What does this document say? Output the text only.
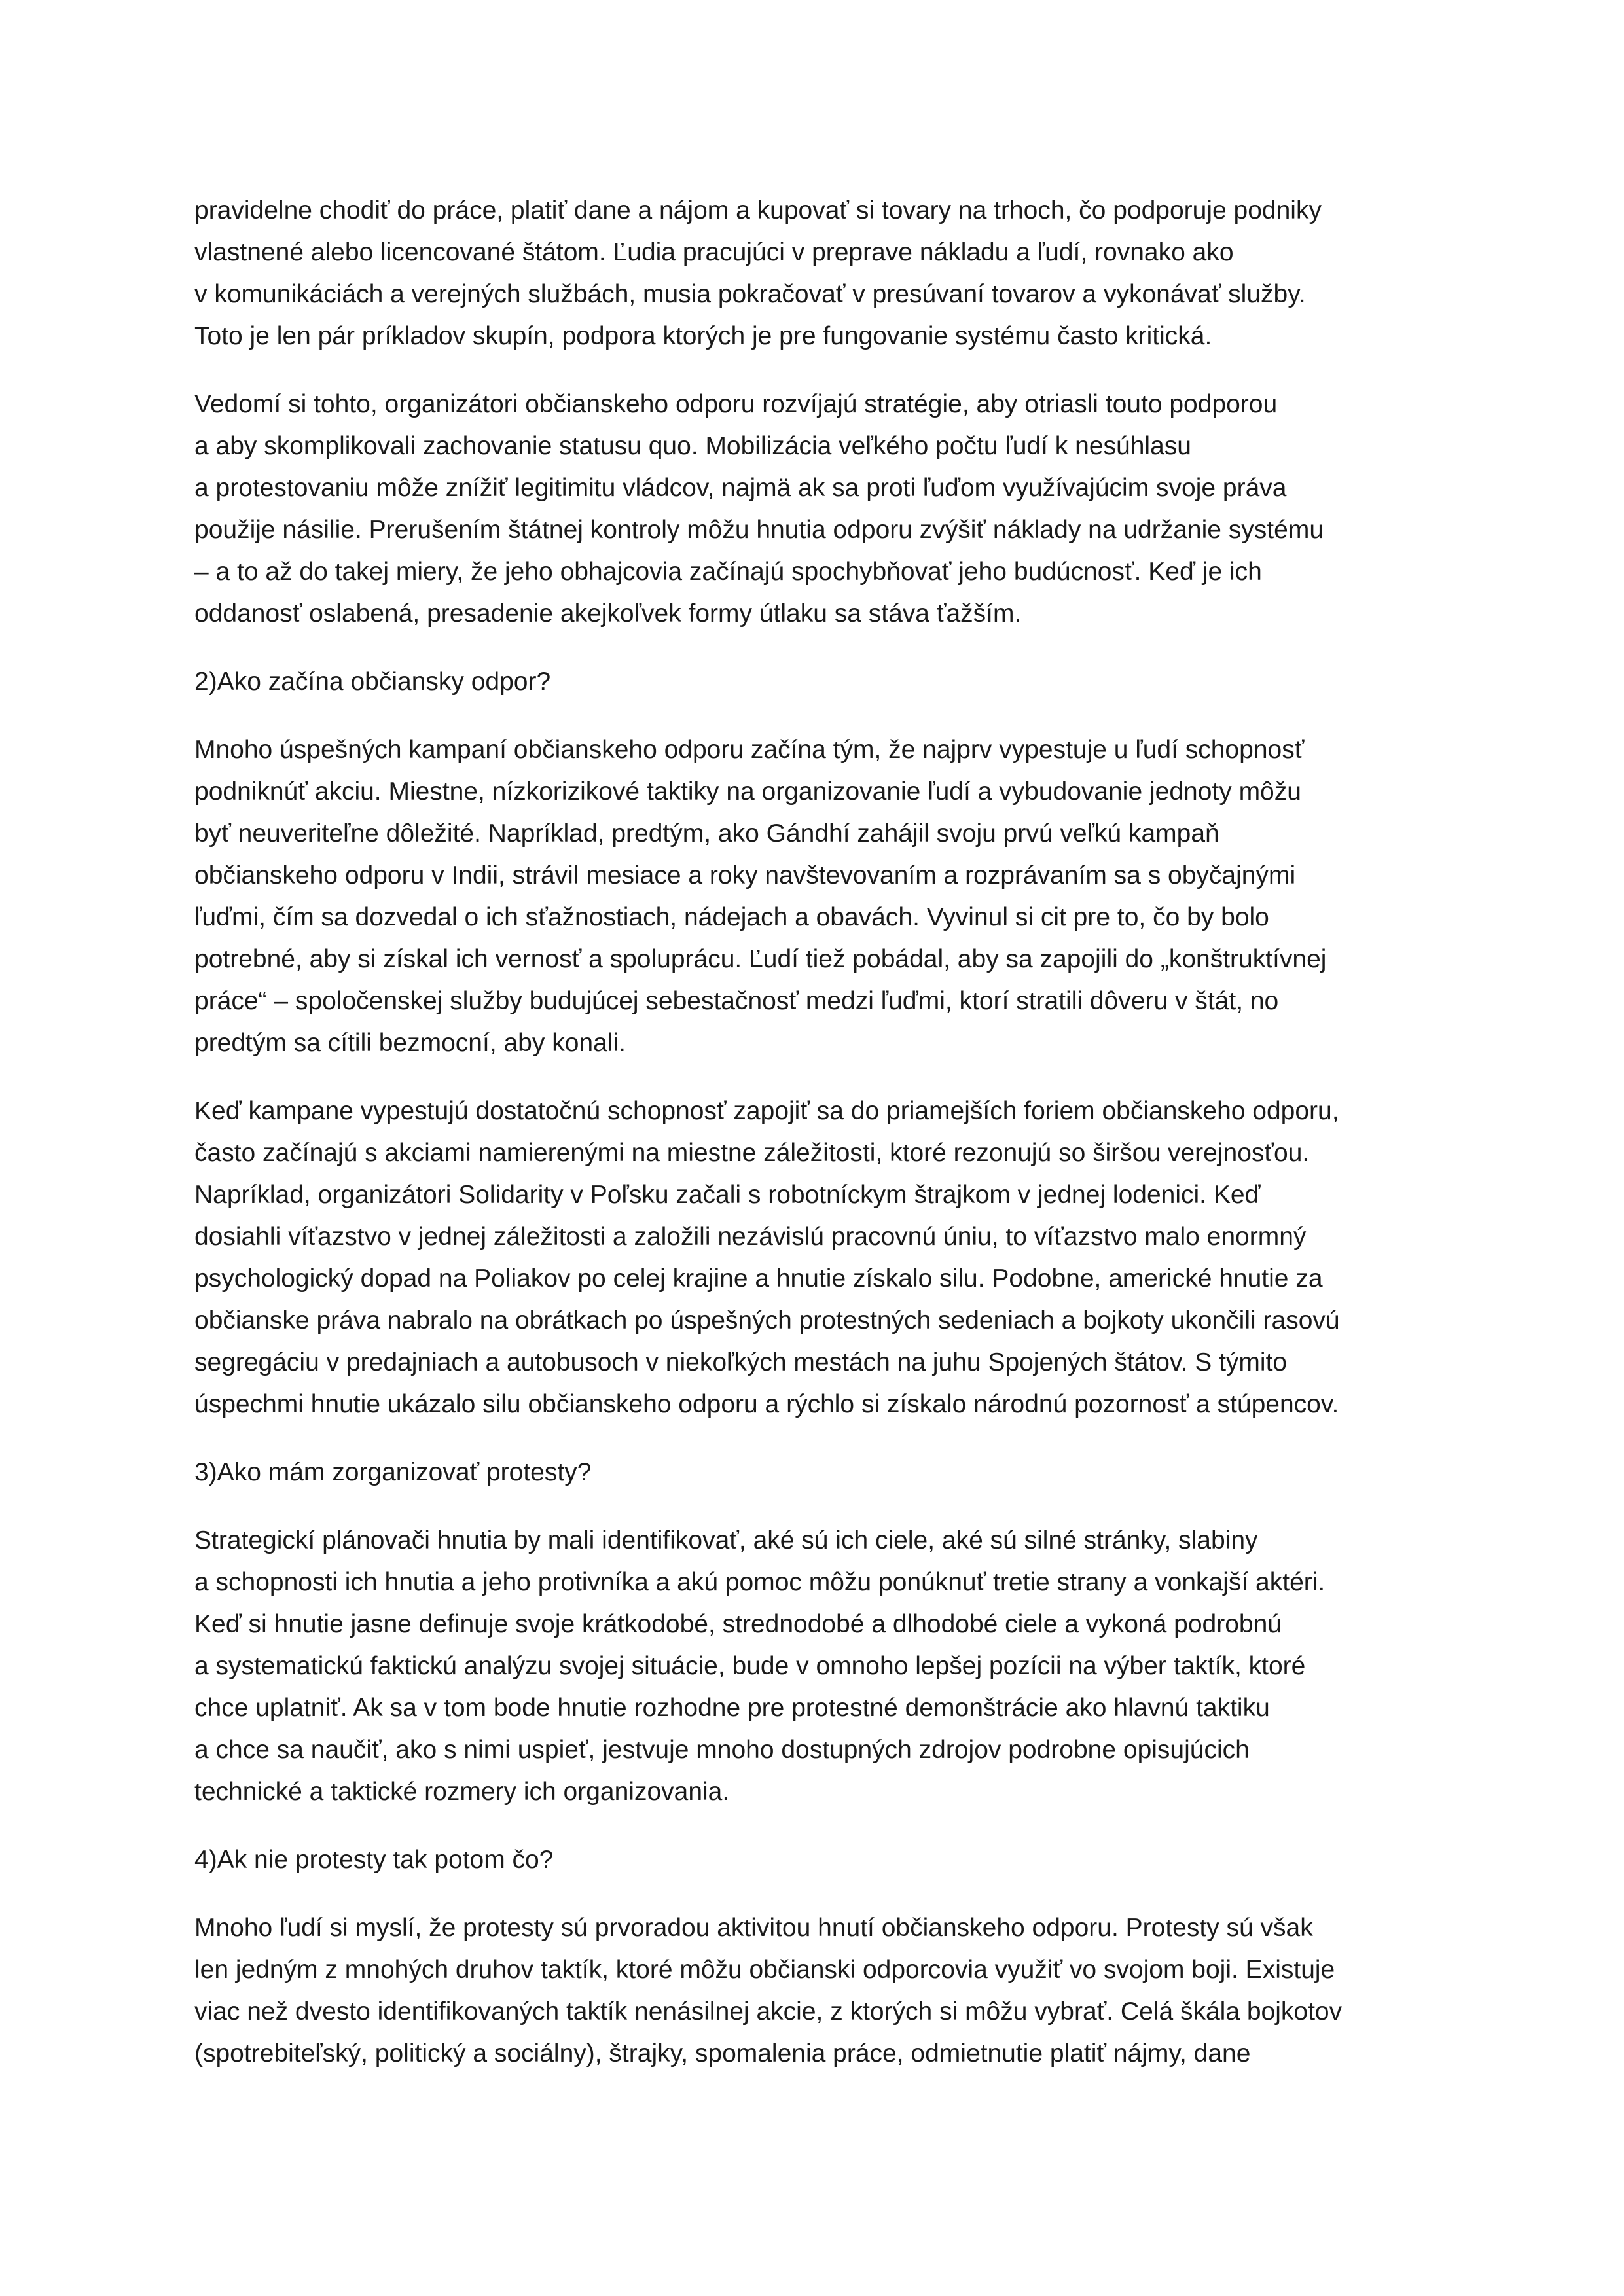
pravidelne chodiť do práce, platiť dane a nájom a kupovať si tovary na trhoch, čo podporuje podniky
vlastnené alebo licencované štátom. Ľudia pracujúci v preprave nákladu a ľudí, rovnako ako
v komunikáciách a verejných službách, musia pokračovať v presúvaní tovarov a vykonávať služby.
Toto je len pár príkladov skupín, podpora ktorých je pre fungovanie systému často kritická.

Vedomí si tohto, organizátori občianskeho odporu rozvíjajú stratégie, aby otriasli touto podporou
a aby skomplikovali zachovanie statusu quo. Mobilizácia veľkého počtu ľudí k nesúhlasu
a protestovaniu môže znížiť legitimitu vládcov, najmä ak sa proti ľuďom využívajúcim svoje práva
použije násilie. Prerušením štátnej kontroly môžu hnutia odporu zvýšiť náklady na udržanie systému
– a to až do takej miery, že jeho obhajcovia začínajú spochybňovať jeho budúcnosť. Keď je ich
oddanosť oslabená, presadenie akejkoľvek formy útlaku sa stáva ťažším.

2)Ako začína občiansky odpor?

Mnoho úspešných kampaní občianskeho odporu začína tým, že najprv vypestuje u ľudí schopnosť
podniknúť akciu. Miestne, nízkorizikové taktiky na organizovanie ľudí a vybudovanie jednoty môžu
byť neuveriteľne dôležité. Napríklad, predtým, ako Gándhí zahájil svoju prvú veľkú kampaň
občianskeho odporu v Indii, strávil mesiace a roky navštevovaním a rozprávaním sa s obyčajnými
ľuďmi, čím sa dozvedal o ich sťažnostiach, nádejach a obavách. Vyvinul si cit pre to, čo by bolo
potrebné, aby si získal ich vernosť a spoluprácu. Ľudí tiež pobádal, aby sa zapojili do „konštruktívnej
práce“ – spoločenskej služby budujúcej sebestačnosť medzi ľuďmi, ktorí stratili dôveru v štát, no
predtým sa cítili bezmocní, aby konali.

Keď kampane vypestujú dostatočnú schopnosť zapojiť sa do priamejších foriem občianskeho odporu,
často začínajú s akciami namierenými na miestne záležitosti, ktoré rezonujú so širšou verejnosťou.
Napríklad, organizátori Solidarity v Poľsku začali s robotníckym štrajkom v jednej lodenici. Keď
dosiahli víťazstvo v jednej záležitosti a založili nezávislú pracovnú úniu, to víťazstvo malo enormný
psychologický dopad na Poliakov po celej krajine a hnutie získalo silu. Podobne, americké hnutie za
občianske práva nabralo na obrátkach po úspešných protestných sedeniach a bojkoty ukončili rasovú
segregáciu v predajniach a autobusoch v niekoľkých mestách na juhu Spojených štátov. S týmito
úspechmi hnutie ukázalo silu občianskeho odporu a rýchlo si získalo národnú pozornosť a stúpencov.

3)Ako mám zorganizovať protesty?

Strategickí plánovači hnutia by mali identifikovať, aké sú ich ciele, aké sú silné stránky, slabiny
a schopnosti ich hnutia a jeho protivníka a akú pomoc môžu ponúknuť tretie strany a vonkajší aktéri.
Keď si hnutie jasne definuje svoje krátkodobé, strednodobé a dlhodobé ciele a vykoná podrobnú
a systematickú faktickú analýzu svojej situácie, bude v omnoho lepšej pozícii na výber taktík, ktoré
chce uplatniť. Ak sa v tom bode hnutie rozhodne pre protestné demonštrácie ako hlavnú taktiku
a chce sa naučiť, ako s nimi uspieť, jestvuje mnoho dostupných zdrojov podrobne opisujúcich
technické a taktické rozmery ich organizovania.

4)Ak nie protesty tak potom čo?

Mnoho ľudí si myslí, že protesty sú prvoradou aktivitou hnutí občianskeho odporu. Protesty sú však
len jedným z mnohých druhov taktík, ktoré môžu občianski odporcovia využiť vo svojom boji. Existuje
viac než dvesto identifikovaných taktík nenásilnej akcie, z ktorých si môžu vybrať. Celá škála bojkotov
(spotrebiteľský, politický a sociálny), štrajky, spomalenia práce, odmietnutie platiť nájmy, dane
